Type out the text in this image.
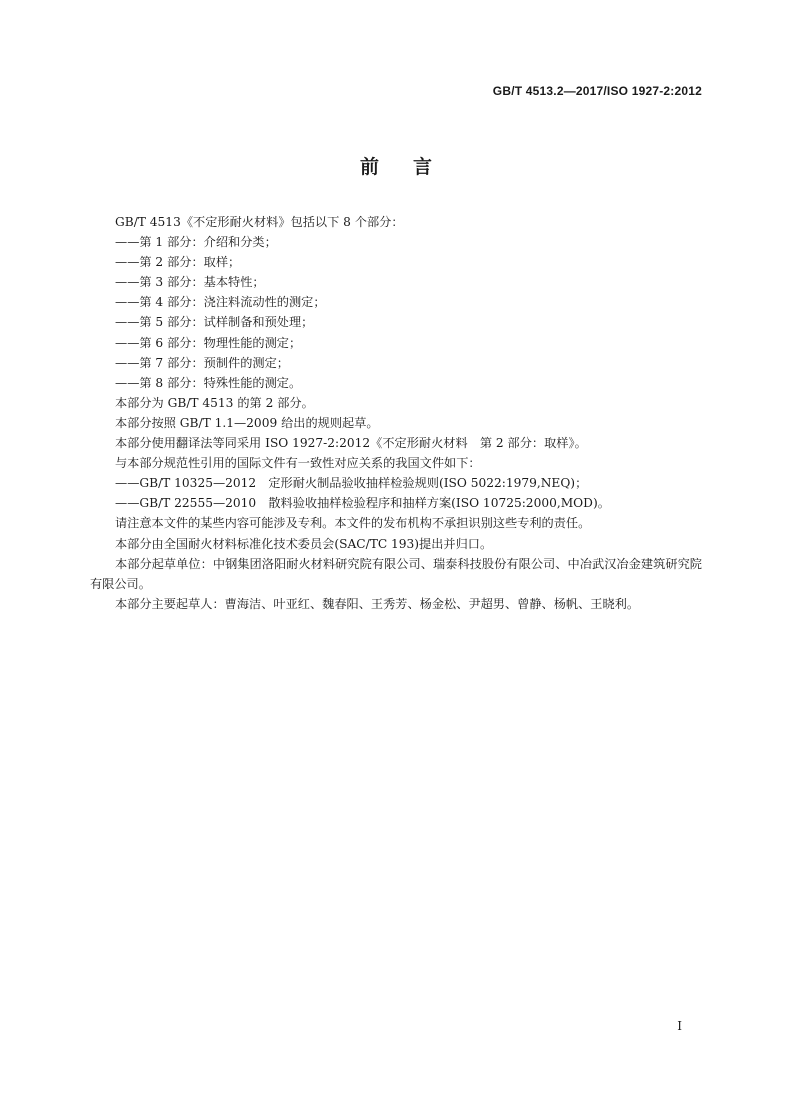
GB/T 4513.2—2017/ISO 1927-2:2012
前 言

GB/T 4513《不定形耐火材料》包括以下 8 个部分：

——第 1 部分：介绍和分类；

——第 2 部分：取样；

——第 3 部分：基本特性；

——第 4 部分：浇注料流动性的测定；

——第 5 部分：试样制备和预处理；

——第 6 部分：物理性能的测定；

——第 7 部分：预制件的测定；

——第 8 部分：特殊性能的测定。

本部分为 GB/T 4513 的第 2 部分。

本部分按照 GB/T 1.1—2009 给出的规则起草。

本部分使用翻译法等同采用 ISO 1927-2:2012《不定形耐火材料　第 2 部分：取样》。

与本部分规范性引用的国际文件有一致性对应关系的我国文件如下：

——GB/T 10325—2012　定形耐火制品验收抽样检验规则(ISO 5022:1979,NEQ)；

——GB/T 22555—2010　散料验收抽样检验程序和抽样方案(ISO 10725:2000,MOD)。

请注意本文件的某些内容可能涉及专利。本文件的发布机构不承担识别这些专利的责任。

本部分由全国耐火材料标准化技术委员会(SAC/TC 193)提出并归口。

本部分起草单位：中钢集团洛阳耐火材料研究院有限公司、瑞泰科技股份有限公司、中冶武汉冶金建筑研究院有限公司。

本部分主要起草人：曹海洁、叶亚红、魏春阳、王秀芳、杨金松、尹超男、曾静、杨帆、王晓利。

I
